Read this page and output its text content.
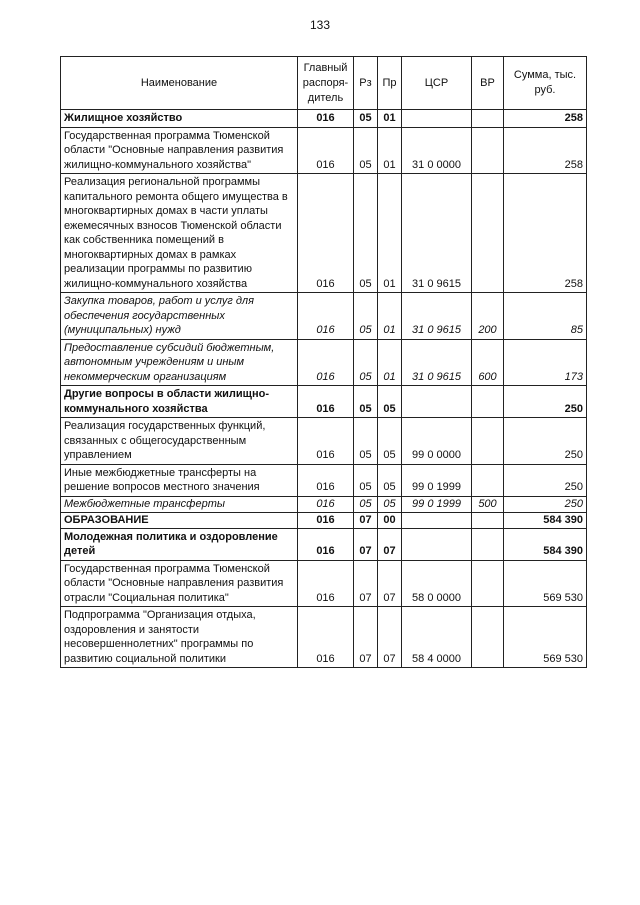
133
Наименование	Главный распоря-дитель	Рз	Пр	ЦСР	ВР	Сумма, тыс. руб.
Жилищное хозяйство	016	05	01			258
Государственная программа Тюменской области "Основные направления развития жилищно-коммунального хозяйства"	016	05	01	31 0 0000		258
Реализация региональной программы капитального ремонта общего имущества в многоквартирных домах в части уплаты ежемесячных взносов Тюменской области как собственника помещений в многоквартирных домах в рамках реализации программы по развитию жилищно-коммунального хозяйства	016	05	01	31 0 9615		258
Закупка товаров, работ и услуг для обеспечения государственных (муниципальных) нужд	016	05	01	31 0 9615	200	85
Предоставление субсидий бюджетным, автономным учреждениям и иным некоммерческим организациям	016	05	01	31 0 9615	600	173
Другие вопросы в области жилищно-коммунального хозяйства	016	05	05			250
Реализация государственных функций, связанных с общегосударственным управлением	016	05	05	99 0 0000		250
Иные межбюджетные трансферты на решение вопросов местного значения	016	05	05	99 0 1999		250
Межбюджетные трансферты	016	05	05	99 0 1999	500	250
ОБРАЗОВАНИЕ	016	07	00			584 390
Молодежная политика и оздоровление детей	016	07	07			584 390
Государственная программа Тюменской области "Основные направления развития отрасли "Социальная политика"	016	07	07	58 0 0000		569 530
Подпрограмма "Организация отдыха, оздоровления и занятости несовершеннолетних" программы по развитию социальной политики	016	07	07	58 4 0000		569 530
